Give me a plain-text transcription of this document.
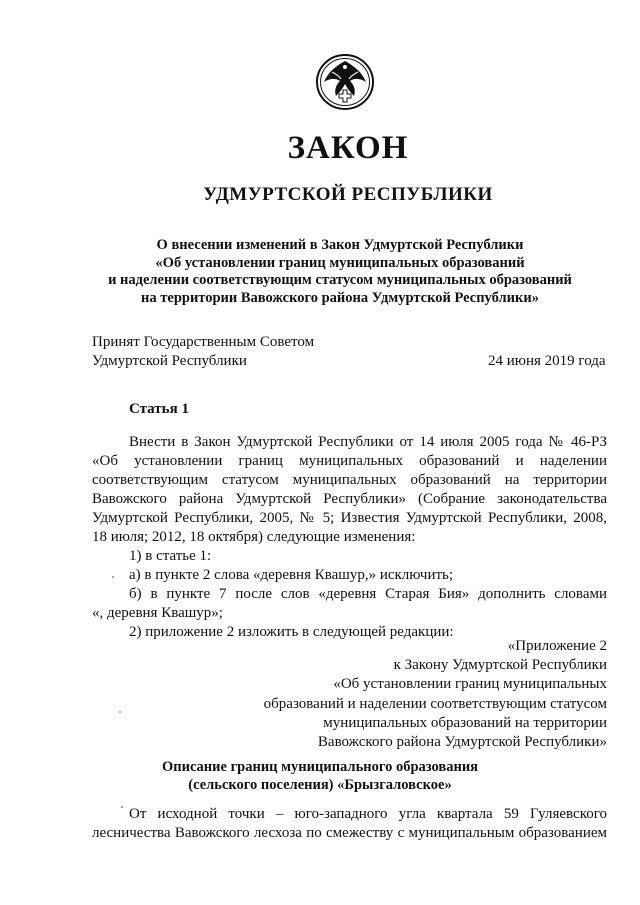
ЗАКОН
УДМУРТСКОЙ РЕСПУБЛИКИ
О внесении изменений в Закон Удмуртской Республики
«Об установлении границ муниципальных образований
и наделении соответствующим статусом муниципальных образований
на территории Вавожского района Удмуртской Республики»
Принят Государственным Советом
Удмуртской Республики	24 июня 2019 года
Статья 1
Внести в Закон Удмуртской Республики от 14 июля 2005 года № 46-РЗ
«Об установлении границ муниципальных образований и наделении
соответствующим статусом муниципальных образований на территории
Вавожского района Удмуртской Республики» (Собрание законодательства
Удмуртской Республики, 2005, № 5; Известия Удмуртской Республики, 2008,
18 июля; 2012, 18 октября) следующие изменения:
1) в статье 1:
а) в пункте 2 слова «деревня Квашур,» исключить;
б) в пункте 7 после слов «деревня Старая Бия» дополнить словами
«, деревня Квашур»;
2) приложение 2 изложить в следующей редакции:
«Приложение 2
к Закону Удмуртской Республики
«Об установлении границ муниципальных
образований и наделении соответствующим статусом
муниципальных образований на территории
Вавожского района Удмуртской Республики»
Описание границ муниципального образования
(сельского поселения) «Брызгаловское»
От исходной точки – юго-западного угла квартала 59 Гуляевского
лесничества Вавожского лесхоза по смежеству с муниципальным образованием
